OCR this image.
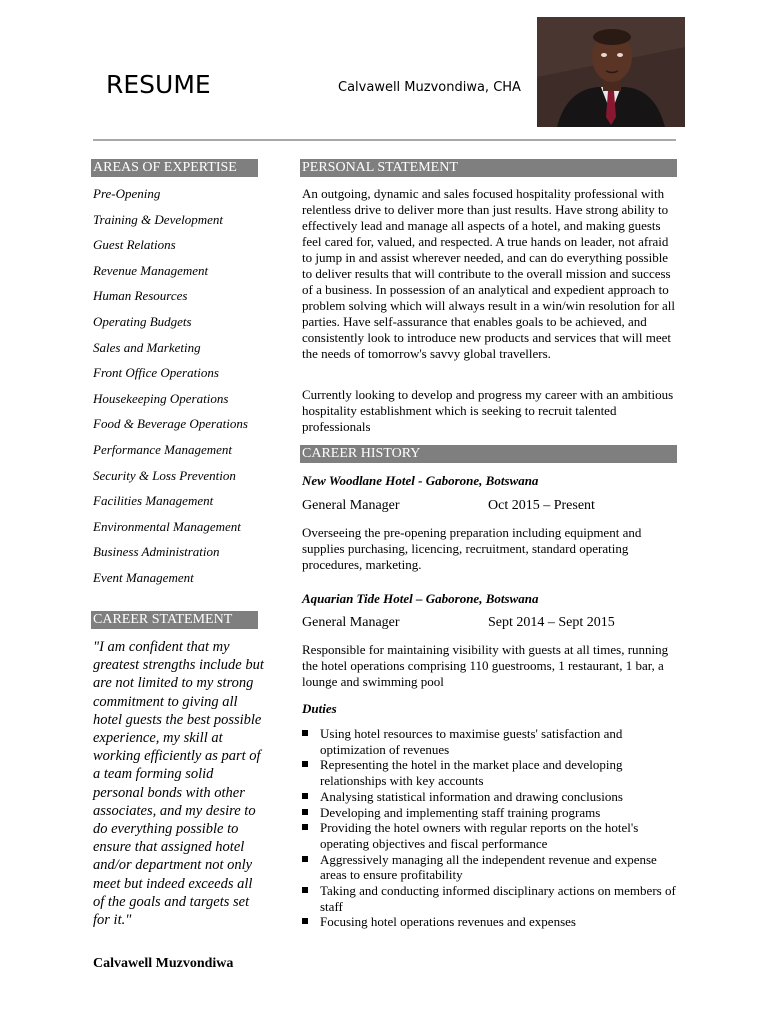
RESUME	Calvawell Muzvondiwa, CHA
AREAS OF EXPERTISE
Pre-Opening
Training & Development
Guest Relations
Revenue Management
Human Resources
Operating Budgets
Sales and Marketing
Front Office Operations
Housekeeping Operations
Food & Beverage Operations
Performance Management
Security & Loss Prevention
Facilities Management
Environmental Management
Business Administration
Event Management
CAREER STATEMENT
"I am confident that my greatest strengths include but are not limited to my strong commitment to giving all hotel guests the best possible experience, my skill at working efficiently as part of a team forming solid personal bonds with other associates, and my desire to do everything possible to ensure that assigned hotel and/or department not only meet but indeed exceeds all of the goals and targets set for it."
Calvawell Muzvondiwa
PERSONAL STATEMENT
An outgoing, dynamic and sales focused hospitality professional with relentless drive to deliver more than just results. Have strong ability to effectively lead and manage all aspects of a hotel, and making guests feel cared for, valued, and respected. A true hands on leader, not afraid to jump in and assist wherever needed, and can do everything possible to deliver results that will contribute to the overall mission and success of a business. In possession of an analytical and expedient approach to problem solving which will always result in a win/win resolution for all parties. Have self-assurance that enables goals to be achieved, and consistently look to introduce new products and services that will meet the needs of tomorrow's savvy global travellers.
Currently looking to develop and progress my career with an ambitious hospitality establishment which is seeking to recruit talented professionals
CAREER HISTORY
New Woodlane Hotel - Gaborone, Botswana
General Manager	Oct 2015 – Present
Overseeing the pre-opening preparation including equipment and supplies purchasing, licencing, recruitment, standard operating procedures, marketing.
Aquarian Tide Hotel – Gaborone, Botswana
General Manager	Sept 2014 – Sept 2015
Responsible for maintaining visibility with guests at all times, running the hotel operations comprising 110 guestrooms, 1 restaurant, 1 bar, a lounge and swimming pool
Duties
Using hotel resources to maximise guests' satisfaction and optimization of revenues
Representing the hotel in the market place and developing relationships with key accounts
Analysing statistical information and drawing conclusions
Developing and implementing staff training programs
Providing the hotel owners with regular reports on the hotel's operating objectives and fiscal performance
Aggressively managing all the independent revenue and expense areas to ensure profitability
Taking and conducting informed disciplinary actions on members of staff
Focusing hotel operations revenues and expenses
